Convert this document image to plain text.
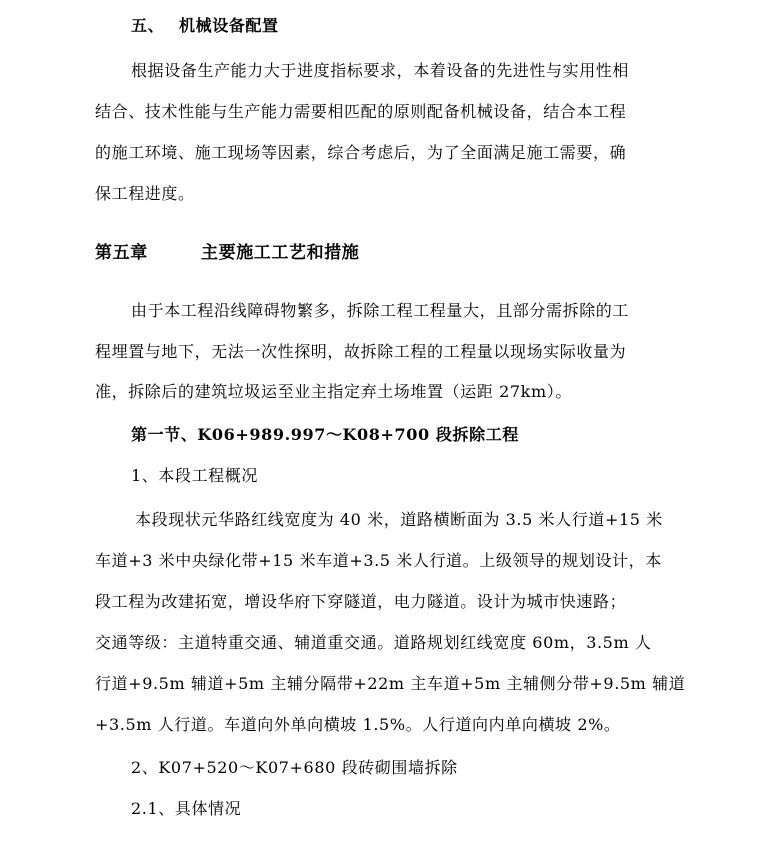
五、 机械设备配置
根据设备生产能力大于进度指标要求，本着设备的先进性与实用性相
结合、技术性能与生产能力需要相匹配的原则配备机械设备，结合本工程
的施工环境、施工现场等因素，综合考虑后，为了全面满足施工需要，确
保工程进度。
第五章	主要施工工艺和措施
由于本工程沿线障碍物繁多，拆除工程工程量大，且部分需拆除的工
程埋置与地下，无法一次性探明，故拆除工程的工程量以现场实际收量为
准，拆除后的建筑垃圾运至业主指定弃土场堆置（运距 27km）。
第一节、K06+989.997～K08+700 段拆除工程
1、本段工程概况
本段现状元华路红线宽度为 40 米，道路横断面为 3.5 米人行道+15 米
车道+3 米中央绿化带+15 米车道+3.5 米人行道。上级领导的规划设计，本
段工程为改建拓宽，增设华府下穿隧道，电力隧道。设计为城市快速路；
交通等级：主道特重交通、辅道重交通。道路规划红线宽度 60m，3.5m 人
行道+9.5m 辅道+5m 主辅分隔带+22m 主车道+5m 主辅侧分带+9.5m 辅道
+3.5m 人行道。车道向外单向横坡 1.5%。人行道向内单向横坡 2%。
2、K07+520～K07+680 段砖砌围墙拆除
2.1、具体情况
